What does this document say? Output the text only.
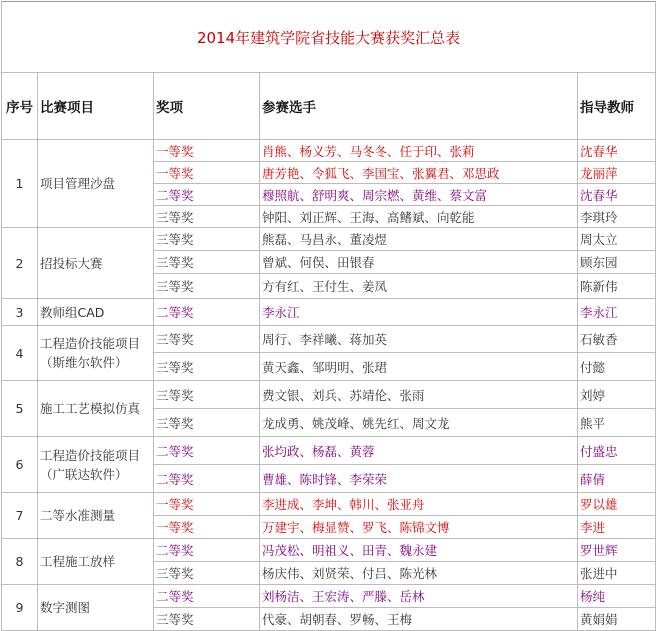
2014年建筑学院省技能大赛获奖汇总表				
序号	比赛项目	奖项	参赛选手	指导教师
1	项目管理沙盘	一等奖	肖熊、杨义芳、马冬冬、任于印、张莉	沈春华
		一等奖	唐芳艳、令狐飞、李国宝、张翼君、邓思政	龙丽萍
		二等奖	穆照航、舒明爽、周宗燃、黄维、蔡文富	沈春华
		三等奖	钟阳、刘正辉、王海、高鳍斌、向乾能	李琪玲
2	招投标大赛	三等奖	熊磊、马昌永、董凌煜	周太立
		三等奖	曾斌、何俣、田银春	顾东园
		三等奖	方有红、王付生、姜凤	陈新伟
3	教师组CAD	二等奖	李永江	李永江
4	工程造价技能项目（斯维尔软件）	三等奖	周行、李祥曦、蒋加英	石敏香
		三等奖	黄天鑫、邹明明、张珺	付懿
5	施工工艺模拟仿真	三等奖	费文银、刘兵、苏靖伦、张雨	刘婷
		三等奖	龙成勇、姚茂峰、姚先红、周文龙	熊平
6	工程造价技能项目（广联达软件）	二等奖	张均政、杨磊、黄蓉	付盛忠
		二等奖	曹雄、陈时锋、李荣荣	薛倩
7	二等水准测量	一等奖	李进成、李坤、韩川、张亚舟	罗以雄
		一等奖	万建宇、梅显赞、罗飞、陈锦文博	李进
8	工程施工放样	二等奖	冯茂松、明祖义、田青、魏永建	罗世辉
		三等奖	杨庆伟、刘贤荣、付吕、陈光林	张进中
9	数字测图	二等奖	刘杨洁、王宏涛、严滕、岳林	杨纯
		三等奖	代豪、胡朝春、罗畅、王梅	黄娟娟
